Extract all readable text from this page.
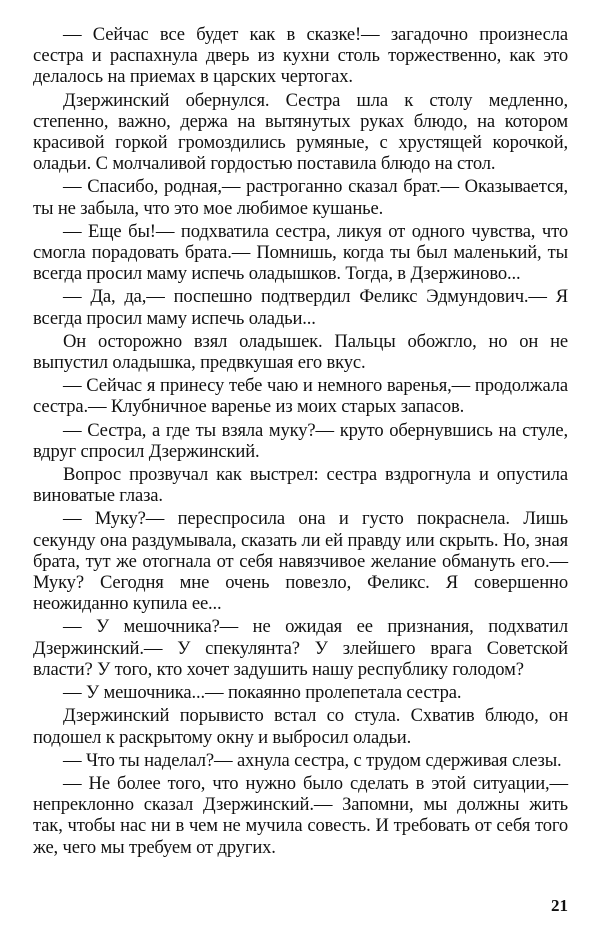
— Сейчас все будет как в сказке!— загадочно произнесла сестра и распахнула дверь из кухни столь торжественно, как это делалось на приемах в царских чертогах.

Дзержинский обернулся. Сестра шла к столу медленно, степенно, важно, держа на вытянутых руках блюдо, на котором красивой горкой громоздились румяные, с хрустящей корочкой, оладьи. С молчаливой гордостью поставила блюдо на стол.

— Спасибо, родная,— растроганно сказал брат.— Оказывается, ты не забыла, что это мое любимое кушанье.

— Еще бы!— подхватила сестра, ликуя от одного чувства, что смогла порадовать брата.— Помнишь, когда ты был маленький, ты всегда просил маму испечь оладышков. Тогда, в Дзержиново...

— Да, да,— поспешно подтвердил Феликс Эдмундович.— Я всегда просил маму испечь оладьи...

Он осторожно взял оладышек. Пальцы обожгло, но он не выпустил оладышка, предвкушая его вкус.

— Сейчас я принесу тебе чаю и немного варенья,— продолжала сестра.— Клубничное варенье из моих старых запасов.

— Сестра, а где ты взяла муку?— круто обернувшись на стуле, вдруг спросил Дзержинский.

Вопрос прозвучал как выстрел: сестра вздрогнула и опустила виноватые глаза.

— Муку?— переспросила она и густо покраснела. Лишь секунду она раздумывала, сказать ли ей правду или скрыть. Но, зная брата, тут же отогнала от себя навязчивое желание обмануть его.— Муку? Сегодня мне очень повезло, Феликс. Я совершенно неожиданно купила ее...

— У мешочника?— не ожидая ее признания, подхватил Дзержинский.— У спекулянта? У злейшего врага Советской власти? У того, кто хочет задушить нашу республику голодом?

— У мешочника...— покаянно пролепетала сестра.

Дзержинский порывисто встал со стула. Схватив блюдо, он подошел к раскрытому окну и выбросил оладьи.

— Что ты наделал?— ахнула сестра, с трудом сдерживая слезы.

— Не более того, что нужно было сделать в этой ситуации,— непреклонно сказал Дзержинский.— Запомни, мы должны жить так, чтобы нас ни в чем не мучила совесть. И требовать от себя того же, чего мы требуем от других.

21
